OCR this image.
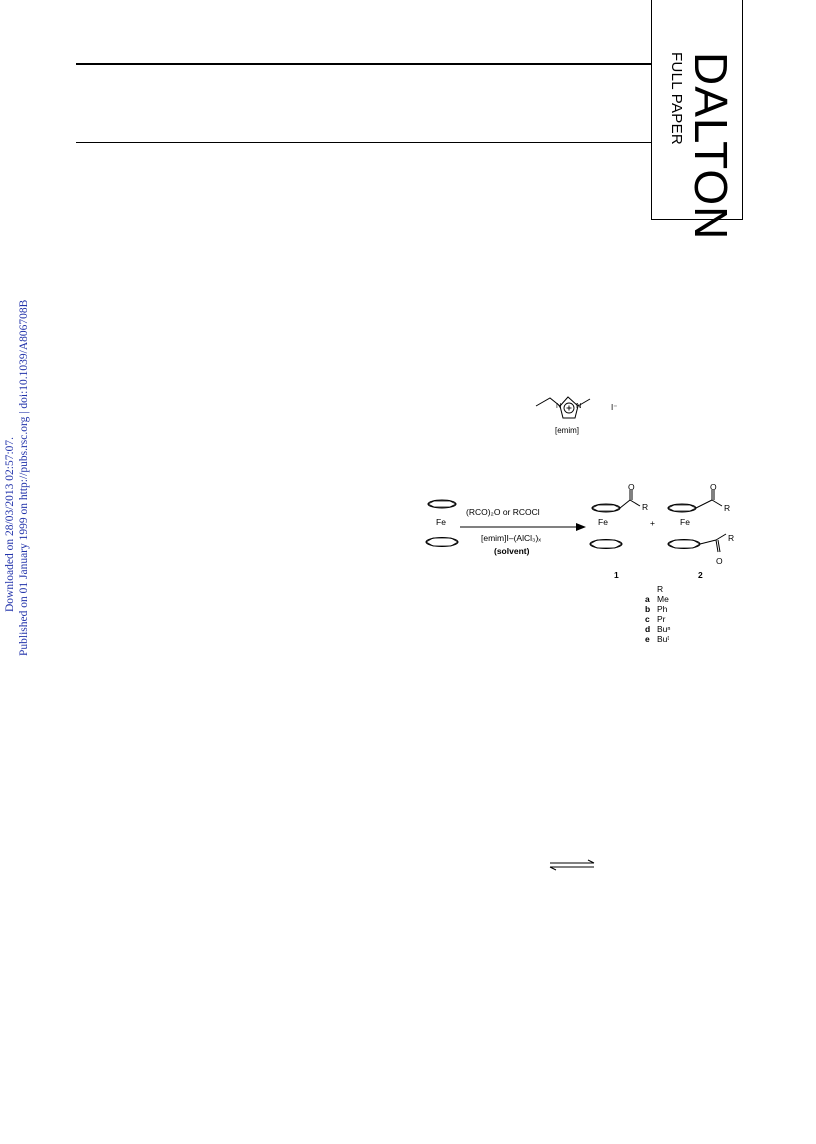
DALTON
FULL PAPER
Downloaded on 28/03/2013 02:57:07. Published on 01 January 1999 on http://pubs.rsc.org | doi:10.1039/A806708B	N N	I⁻
[emim]
Fe
(RCO)₂O or RCOCl
[emim]I–(AlCl₃)ₓ
(solvent)
O
R
Fe	+
O
R
Fe
R
O
1	2
R
a Me
b Ph
c Pr
d Buⁿ
e Buᵗ
